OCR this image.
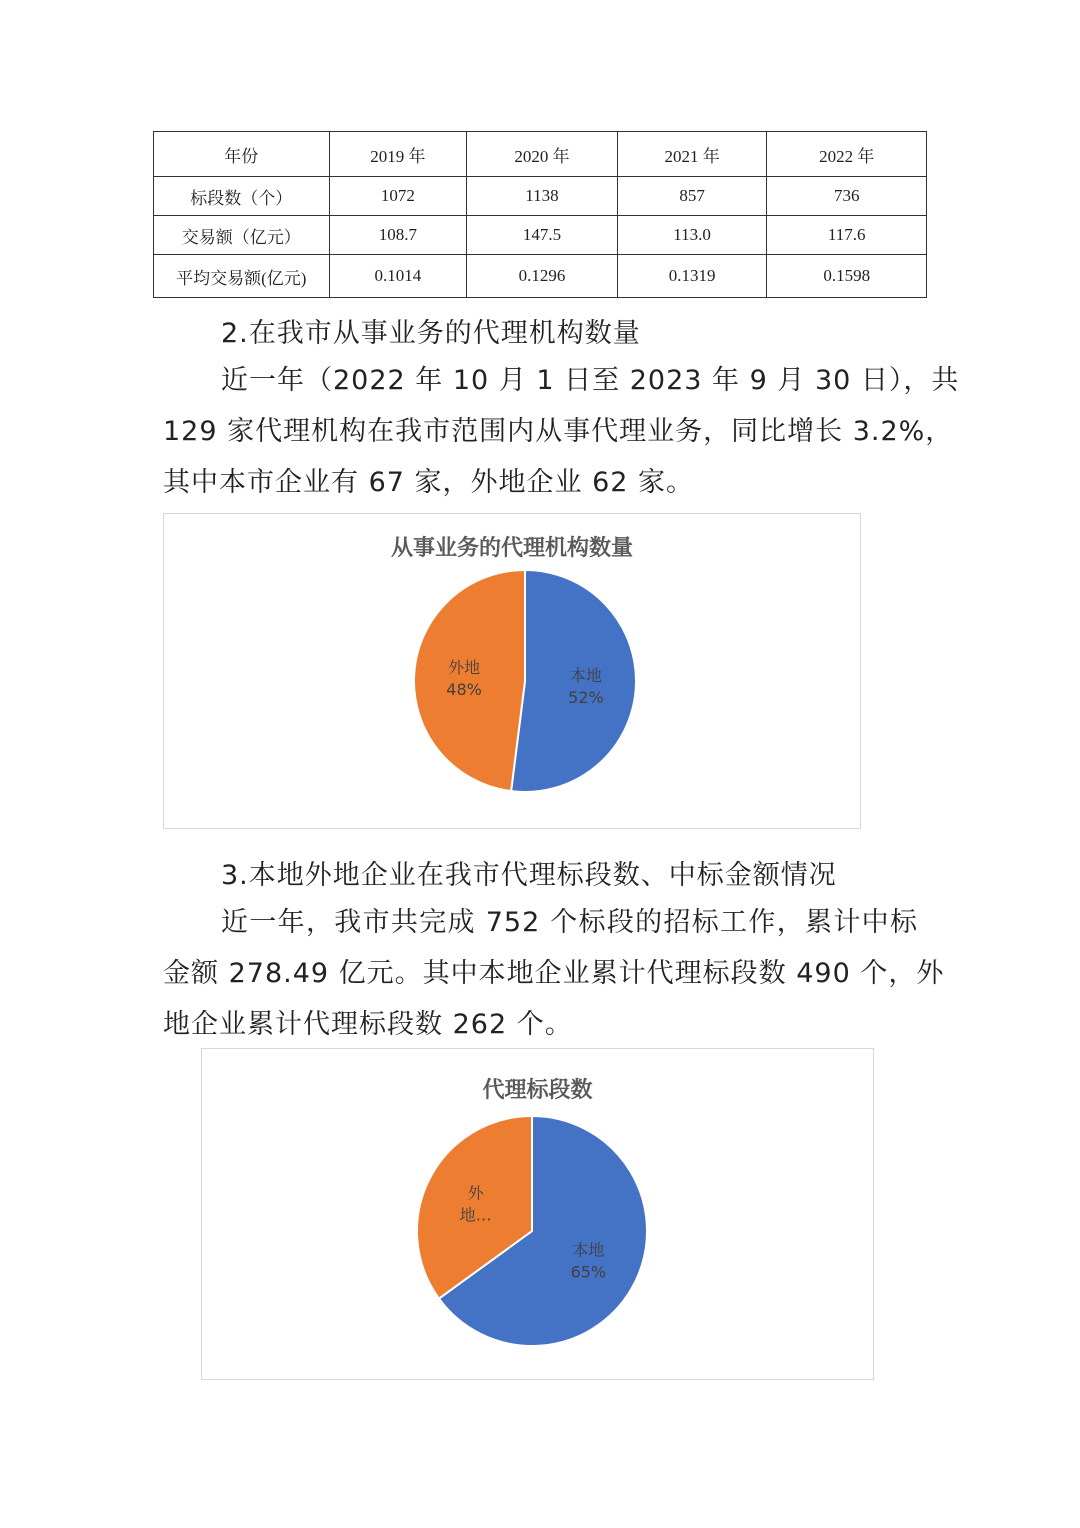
年份	2019 年	2020 年	2021 年	2022 年
标段数（个）	1072	1138	857	736
交易额（亿元）	108.7	147.5	113.0	117.6
平均交易额(亿元)	0.1014	0.1296	0.1319	0.1598
2.在我市从事业务的代理机构数量
近一年（2022 年 10 月 1 日至 2023 年 9 月 30 日），共
129 家代理机构在我市范围内从事代理业务，同比增长 3.2%，
其中本市企业有 67 家，外地企业 62 家。
从事业务的代理机构数量
本地
52%
外地
48%
3.本地外地企业在我市代理标段数、中标金额情况
近一年，我市共完成 752 个标段的招标工作，累计中标
金额 278.49 亿元。其中本地企业累计代理标段数 490 个，外
地企业累计代理标段数 262 个。
代理标段数
本地
65%
外
地…
